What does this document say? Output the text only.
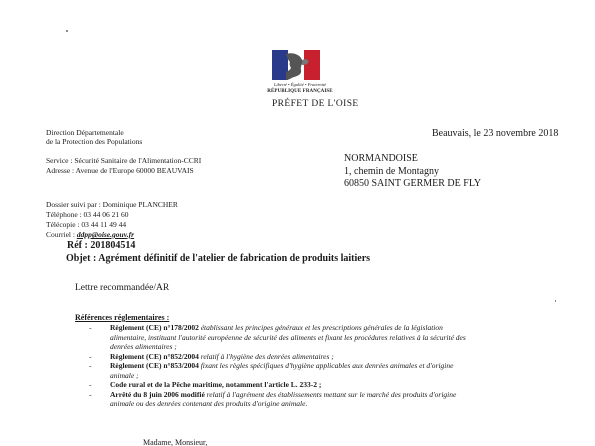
Liberté • Égalité • Fraternité
RÉPUBLIQUE FRANÇAISE
PRÉFET DE L'OISE
Direction Départementale
de la Protection des Populations
Service : Sécurité Sanitaire de l'Alimentation-CCRI
Adresse : Avenue de l'Europe 60000 BEAUVAIS
Dossier suivi par : Dominique PLANCHER
Téléphone : 03 44 06 21 60
Télécopie : 03 44 11 49 44
Courriel : ddpp@oise.gouv.fr
Beauvais, le 23 novembre 2018
NORMANDOISE
1, chemin de Montagny
60850 SAINT GERMER DE FLY
Réf : 201804514
Objet : Agrément définitif de l'atelier de fabrication de produits laitiers
Lettre recommandée/AR
Références réglementaires :
- Règlement (CE) n°178/2002 établissant les principes généraux et les prescriptions générales de la législation
alimentaire, instituant l'autorité européenne de sécurité des aliments et fixant les procédures relatives à la sécurité des
denrées alimentaires ;
- Règlement (CE) n°852/2004 relatif à l'hygiène des denrées alimentaires ;
- Règlement (CE) n°853/2004 fixant les règles spécifiques d'hygiène applicables aux denrées animales et d'origine
animale ;
- Code rural et de la Pêche maritime, notamment l'article L. 233-2 ;
- Arrêté du 8 juin 2006 modifié relatif à l'agrément des établissements mettant sur le marché des produits d'origine
animale ou des denrées contenant des produits d'origine animale.
Madame, Monsieur,
